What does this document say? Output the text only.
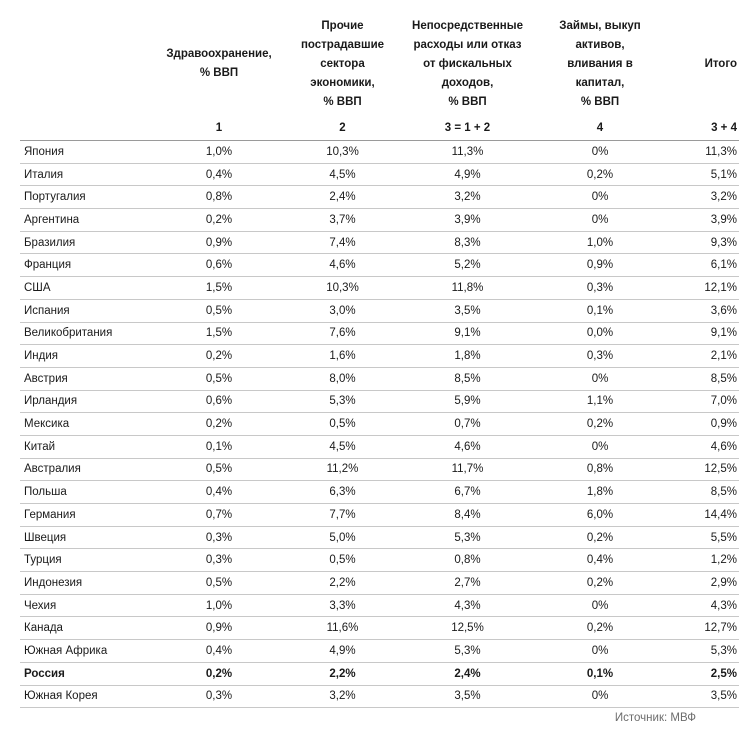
	Здравоохранение,
% ВВП	Прочие
пострадавшие
сектора
экономики,
% ВВП	Непосредственные
расходы или отказ
от фискальных
доходов,
% ВВП	Займы, выкуп активов,
вливания в капитал,
% ВВП	Итого
	1	2	3 = 1 + 2	4	3 + 4
Япония	1,0%	10,3%	11,3%	0%	11,3%
Италия	0,4%	4,5%	4,9%	0,2%	5,1%
Португалия	0,8%	2,4%	3,2%	0%	3,2%
Аргентина	0,2%	3,7%	3,9%	0%	3,9%
Бразилия	0,9%	7,4%	8,3%	1,0%	9,3%
Франция	0,6%	4,6%	5,2%	0,9%	6,1%
США	1,5%	10,3%	11,8%	0,3%	12,1%
Испания	0,5%	3,0%	3,5%	0,1%	3,6%
Великобритания	1,5%	7,6%	9,1%	0,0%	9,1%
Индия	0,2%	1,6%	1,8%	0,3%	2,1%
Австрия	0,5%	8,0%	8,5%	0%	8,5%
Ирландия	0,6%	5,3%	5,9%	1,1%	7,0%
Мексика	0,2%	0,5%	0,7%	0,2%	0,9%
Китай	0,1%	4,5%	4,6%	0%	4,6%
Австралия	0,5%	11,2%	11,7%	0,8%	12,5%
Польша	0,4%	6,3%	6,7%	1,8%	8,5%
Германия	0,7%	7,7%	8,4%	6,0%	14,4%
Швеция	0,3%	5,0%	5,3%	0,2%	5,5%
Турция	0,3%	0,5%	0,8%	0,4%	1,2%
Индонезия	0,5%	2,2%	2,7%	0,2%	2,9%
Чехия	1,0%	3,3%	4,3%	0%	4,3%
Канада	0,9%	11,6%	12,5%	0,2%	12,7%
Южная Африка	0,4%	4,9%	5,3%	0%	5,3%
Россия	0,2%	2,2%	2,4%	0,1%	2,5%
Южная Корея	0,3%	3,2%	3,5%	0%	3,5%
Источник: МВФ
